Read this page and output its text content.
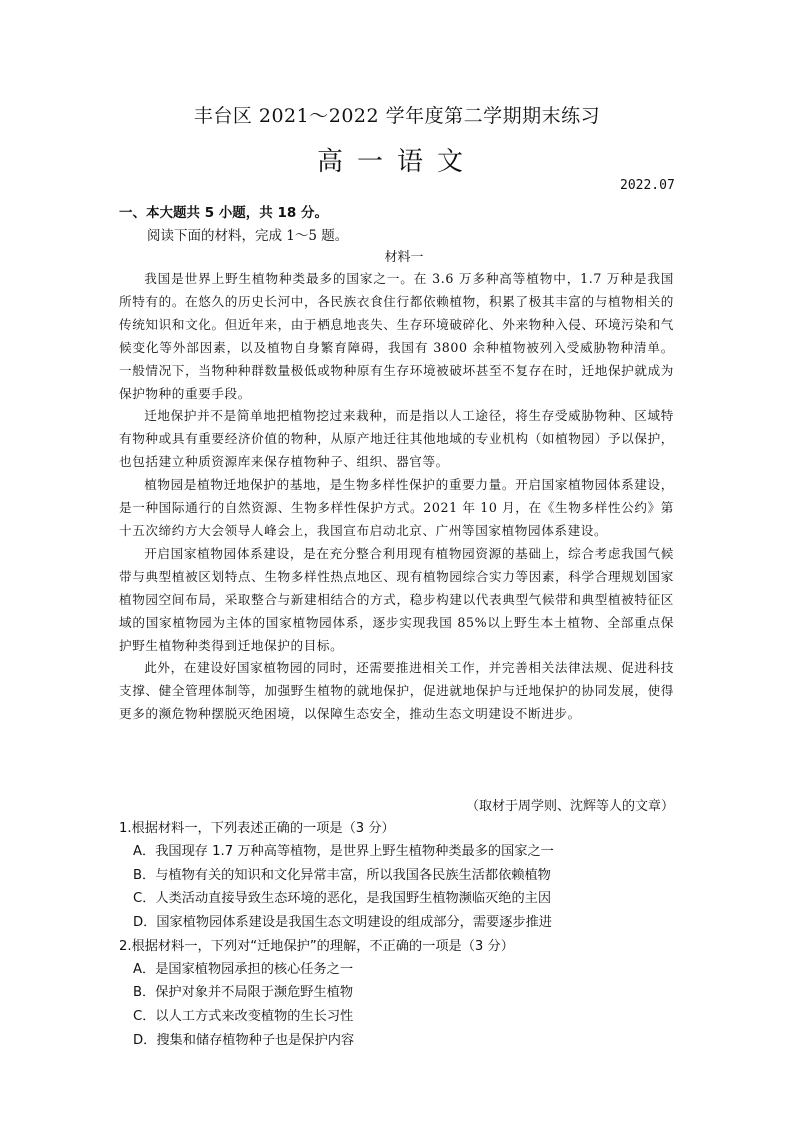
丰台区 2021～2022 学年度第二学期期末练习
高一语文
2022.07
一、本大题共 5 小题，共 18 分。
阅读下面的材料，完成 1～5 题。
材料一

我国是世界上野生植物种类最多的国家之一。在 3.6 万多种高等植物中，1.7 万种是我国所特有的。在悠久的历史长河中，各民族衣食住行都依赖植物，积累了极其丰富的与植物相关的传统知识和文化。但近年来，由于栖息地丧失、生存环境破碎化、外来物种入侵、环境污染和气候变化等外部因素，以及植物自身繁育障碍，我国有 3800 余种植物被列入受威胁物种清单。一般情况下，当物种种群数量极低或物种原有生存环境被破坏甚至不复存在时，迁地保护就成为保护物种的重要手段。

迁地保护并不是简单地把植物挖过来栽种，而是指以人工途径，将生存受威胁物种、区域特有物种或具有重要经济价值的物种，从原产地迁往其他地域的专业机构（如植物园）予以保护，也包括建立种质资源库来保存植物种子、组织、器官等。

植物园是植物迁地保护的基地，是生物多样性保护的重要力量。开启国家植物园体系建设，是一种国际通行的自然资源、生物多样性保护方式。2021 年 10 月，在《生物多样性公约》第十五次缔约方大会领导人峰会上，我国宣布启动北京、广州等国家植物园体系建设。

开启国家植物园体系建设，是在充分整合利用现有植物园资源的基础上，综合考虑我国气候带与典型植被区划特点、生物多样性热点地区、现有植物园综合实力等因素，科学合理规划国家植物园空间布局，采取整合与新建相结合的方式，稳步构建以代表典型气候带和典型植被特征区域的国家植物园为主体的国家植物园体系，逐步实现我国 85%以上野生本土植物、全部重点保护野生植物种类得到迁地保护的目标。

此外，在建设好国家植物园的同时，还需要推进相关工作，并完善相关法律法规、促进科技支撑、健全管理体制等，加强野生植物的就地保护，促进就地保护与迁地保护的协同发展，使得更多的濒危物种摆脱灭绝困境，以保障生态安全，推动生态文明建设不断进步。

（取材于周学则、沈辉等人的文章）
1.根据材料一，下列表述正确的一项是（3 分）
A．我国现存 1.7 万种高等植物，是世界上野生植物种类最多的国家之一
B．与植物有关的知识和文化异常丰富，所以我国各民族生活都依赖植物
C．人类活动直接导致生态环境的恶化，是我国野生植物濒临灭绝的主因
D．国家植物园体系建设是我国生态文明建设的组成部分，需要逐步推进
2.根据材料一，下列对“迁地保护”的理解，不正确的一项是（3 分）
A．是国家植物园承担的核心任务之一
B．保护对象并不局限于濒危野生植物
C．以人工方式来改变植物的生长习性
D．搜集和储存植物种子也是保护内容
